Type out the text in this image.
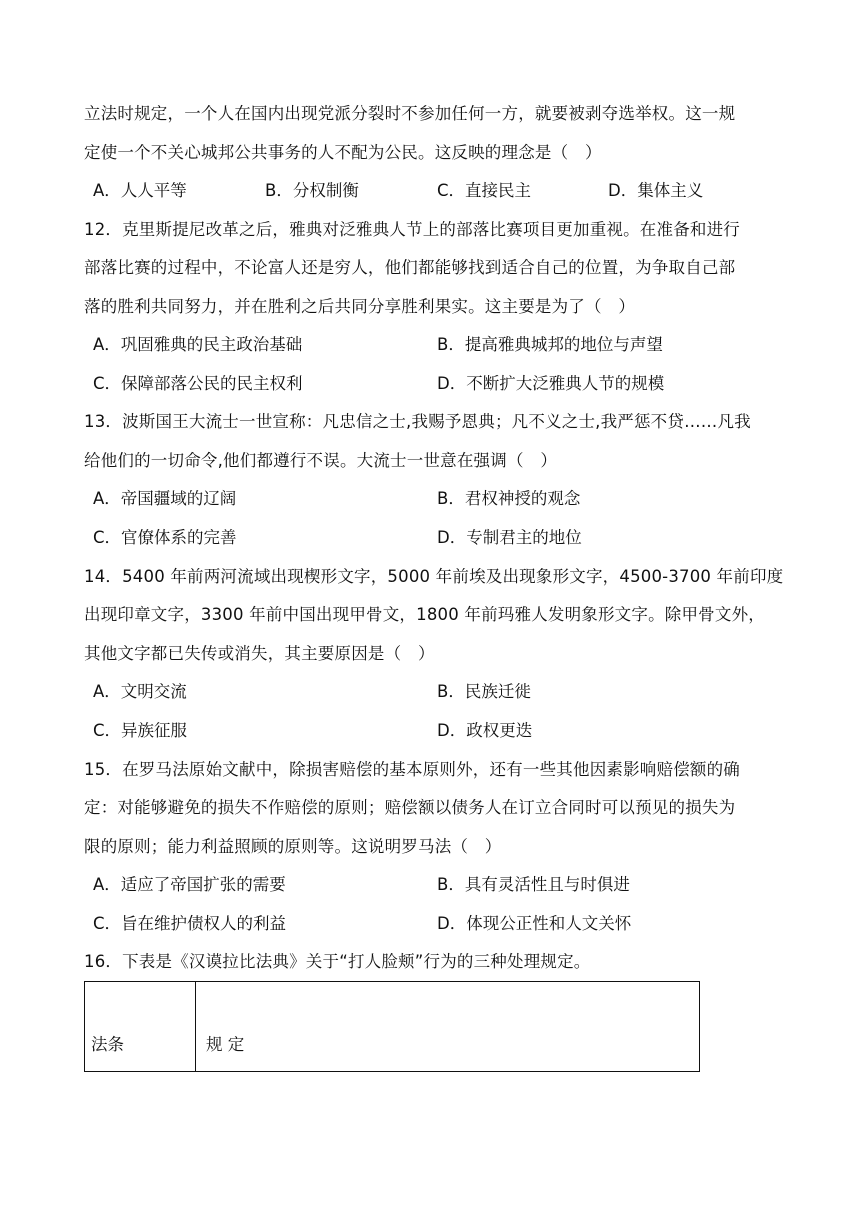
立法时规定，一个人在国内出现党派分裂时不参加任何一方，就要被剥夺选举权。这一规
定使一个不关心城邦公共事务的人不配为公民。这反映的理念是（　）
A．人人平等	B．分权制衡	C．直接民主	D．集体主义
12．克里斯提尼改革之后，雅典对泛雅典人节上的部落比赛项目更加重视。在准备和进行
部落比赛的过程中，不论富人还是穷人，他们都能够找到适合自己的位置，为争取自己部
落的胜利共同努力，并在胜利之后共同分享胜利果实。这主要是为了（　）
A．巩固雅典的民主政治基础	B．提高雅典城邦的地位与声望
C．保障部落公民的民主权利	D．不断扩大泛雅典人节的规模
13．波斯国王大流士一世宣称：凡忠信之士,我赐予恩典；凡不义之士,我严惩不贷……凡我
给他们的一切命令,他们都遵行不误。大流士一世意在强调（　）
A．帝国疆域的辽阔	B．君权神授的观念
C．官僚体系的完善	D．专制君主的地位
14．5400 年前两河流域出现楔形文字，5000 年前埃及出现象形文字，4500-3700 年前印度
出现印章文字，3300 年前中国出现甲骨文，1800 年前玛雅人发明象形文字。除甲骨文外，
其他文字都已失传或消失，其主要原因是（　）
A．文明交流	B．民族迁徙
C．异族征服	D．政权更迭
15．在罗马法原始文献中，除损害赔偿的基本原则外，还有一些其他因素影响赔偿额的确
定：对能够避免的损失不作赔偿的原则；赔偿额以债务人在订立合同时可以预见的损失为
限的原则；能力利益照顾的原则等。这说明罗马法（　）
A．适应了帝国扩张的需要	B．具有灵活性且与时俱进
C．旨在维护债权人的利益	D．体现公正性和人文关怀
16．下表是《汉谟拉比法典》关于“打人脸颊”行为的三种处理规定。
法条	规 定
